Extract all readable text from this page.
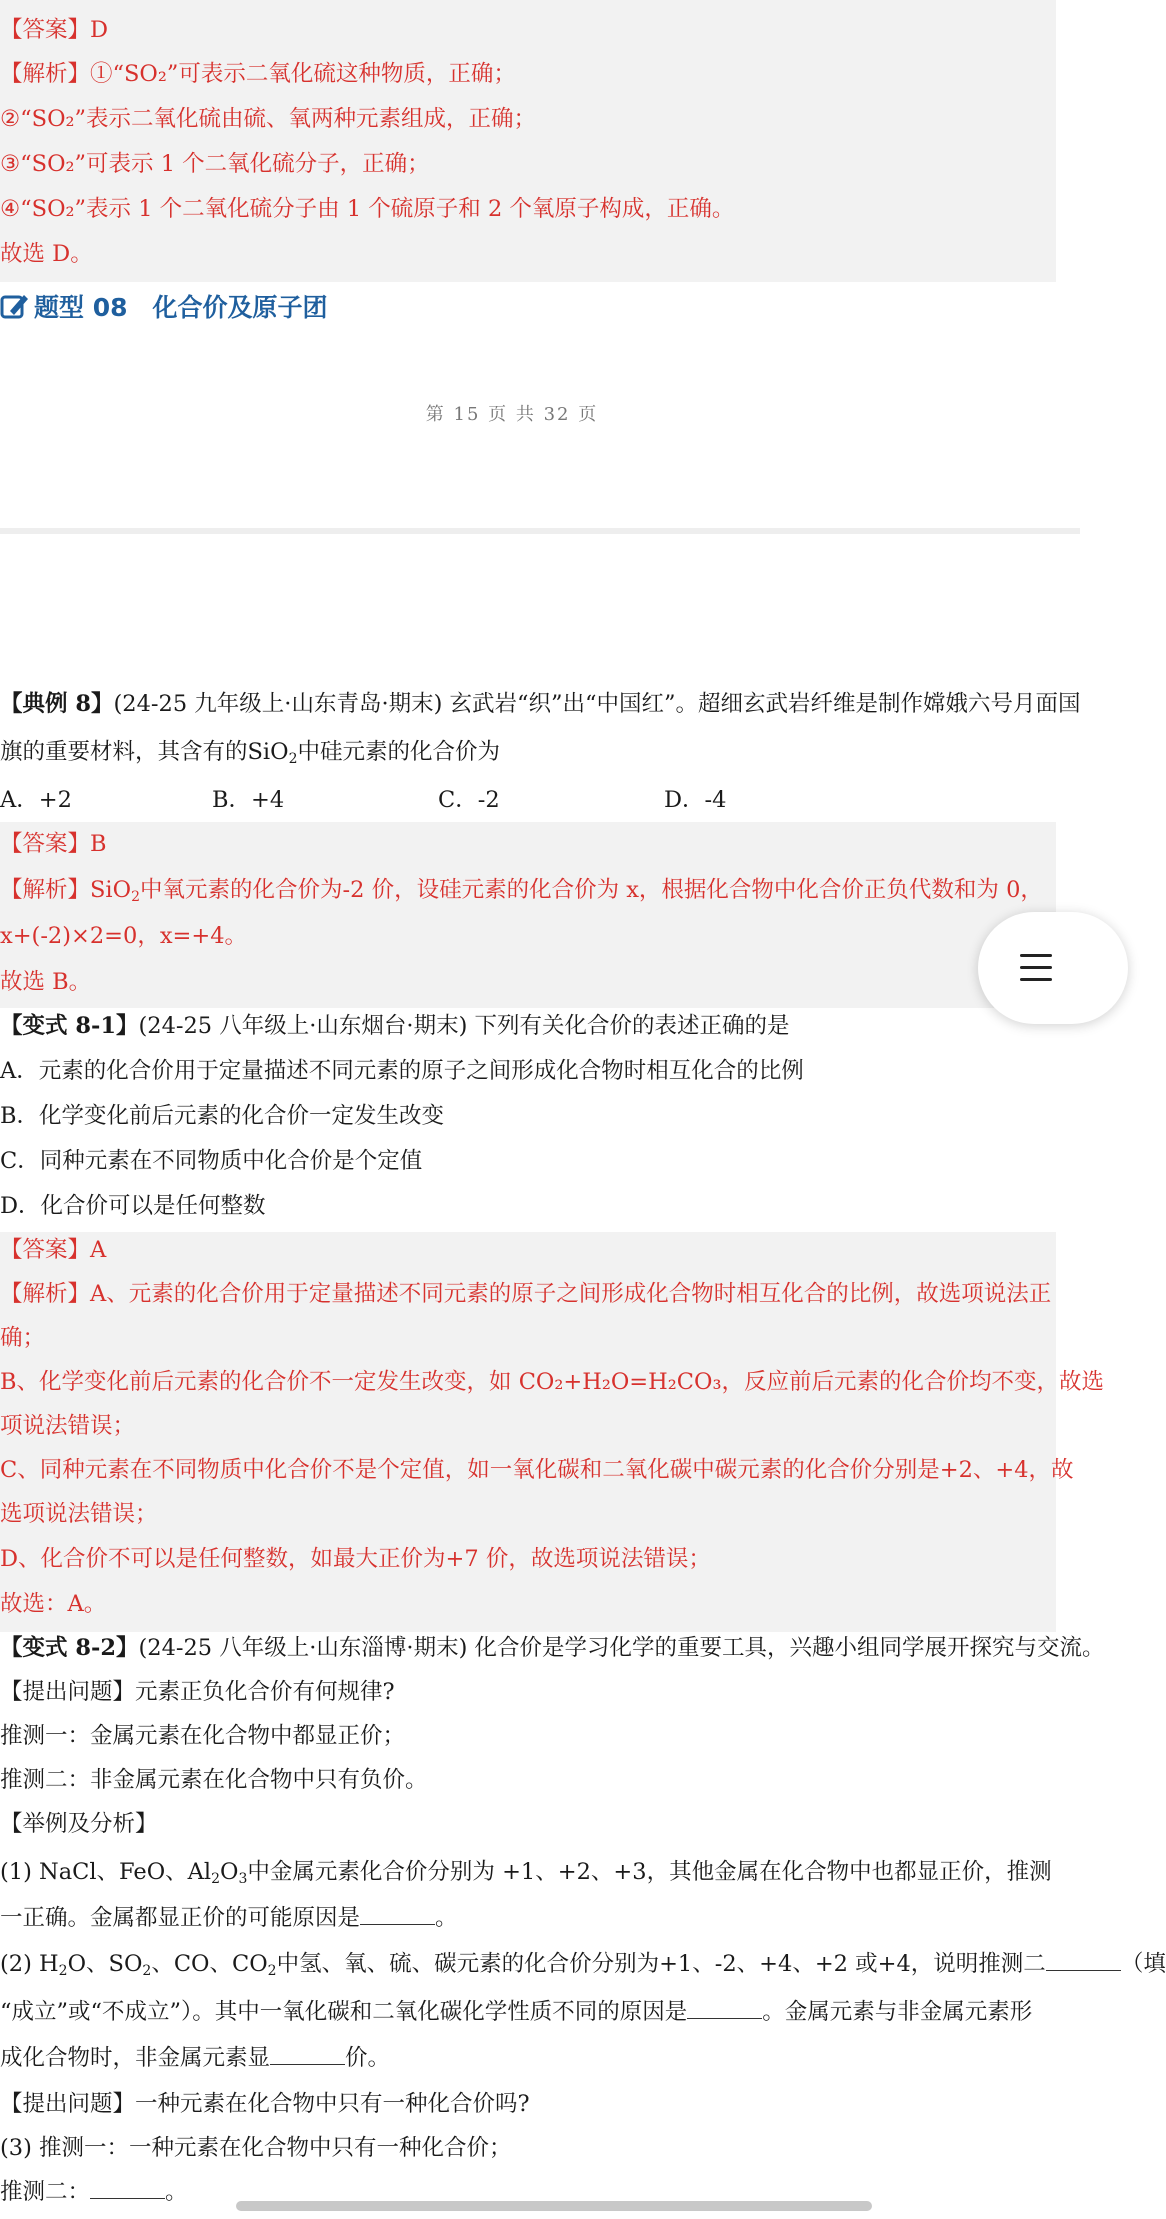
【答案】D
【解析】①“SO₂”可表示二氧化硫这种物质，正确；
②“SO₂”表示二氧化硫由硫、氧两种元素组成，正确；
③“SO₂”可表示 1 个二氧化硫分子，正确；
④“SO₂”表示 1 个二氧化硫分子由 1 个硫原子和 2 个氧原子构成，正确。
故选 D。
题型 08　化合价及原子团
第 15 页 共 32 页
【典例 8】(24-25 九年级上·山东青岛·期末) 玄武岩“织”出“中国红”。超细玄武岩纤维是制作嫦娥六号月面国
旗的重要材料，其含有的SiO$_2$中硅元素的化合价为
A．+2	B．+4	C．-2	D．-4
【答案】B
【解析】SiO$_2$中氧元素的化合价为-2 价，设硅元素的化合价为 x，根据化合物中化合价正负代数和为 0，
x+(-2)×2=0，x=+4。
故选 B。
【变式 8-1】(24-25 八年级上·山东烟台·期末) 下列有关化合价的表述正确的是
A．元素的化合价用于定量描述不同元素的原子之间形成化合物时相互化合的比例
B．化学变化前后元素的化合价一定发生改变
C．同种元素在不同物质中化合价是个定值
D．化合价可以是任何整数
【答案】A
【解析】A、元素的化合价用于定量描述不同元素的原子之间形成化合物时相互化合的比例，故选项说法正
确；
B、化学变化前后元素的化合价不一定发生改变，如 CO₂+H₂O=H₂CO₃，反应前后元素的化合价均不变，故选
项说法错误；
C、同种元素在不同物质中化合价不是个定值，如一氧化碳和二氧化碳中碳元素的化合价分别是+2、+4，故
选项说法错误；
D、化合价不可以是任何整数，如最大正价为+7 价，故选项说法错误；
故选：A。
【变式 8-2】(24-25 八年级上·山东淄博·期末) 化合价是学习化学的重要工具，兴趣小组同学展开探究与交流。
【提出问题】元素正负化合价有何规律?
推测一：金属元素在化合物中都显正价；
推测二：非金属元素在化合物中只有负价。
【举例及分析】
(1) NaCl、FeO、$Al_2O_3$中金属元素化合价分别为 +1、+2、+3，其他金属在化合物中也都显正价，推测
一正确。金属都显正价的可能原因是	。
(2) $H_2O$、$SO_2$、CO、$CO_2$中氢、氧、硫、碳元素的化合价分别为+1、-2、+4、+2 或+4，说明推测二	（填
“成立”或“不成立”）。其中一氧化碳和二氧化碳化学性质不同的原因是	。金属元素与非金属元素形
成化合物时，非金属元素显	价。
【提出问题】一种元素在化合物中只有一种化合价吗?
(3) 推测一：一种元素在化合物中只有一种化合价；
推测二：	。
